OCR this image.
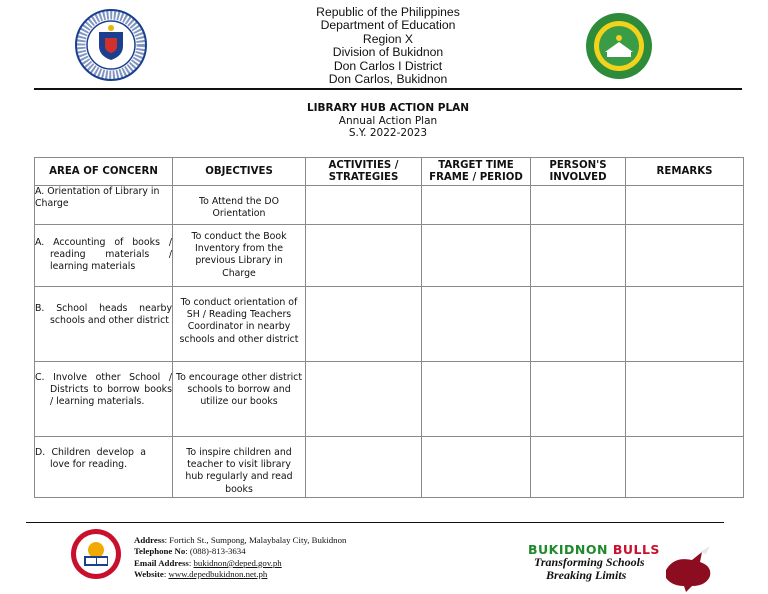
Republic of the Philippines
Department of Education
Region X
Division of Bukidnon
Don Carlos I District
Don Carlos, Bukidnon
LIBRARY HUB ACTION PLAN
Annual Action Plan
S.Y. 2022-2023
AREA OF CONCERN	OBJECTIVES	ACTIVITIES / STRATEGIES	TARGET TIME FRAME / PERIOD	PERSON'S INVOLVED	REMARKS

A. Orientation of Library in Charge	To Attend the DO Orientation				

A. Accounting of books / reading materials / learning materials	To conduct the Book Inventory from the previous Library in Charge				

B. School heads nearby schools and other district	To conduct orientation of SH / Reading Teachers Coordinator in nearby schools and other district				

C. Involve other School / Districts to borrow books / learning materials.	To encourage other district schools to borrow and utilize our books				

D. Children develop a love for reading.	To inspire children and teacher to visit library hub regularly and read books				

Address: Fortich St., Sumpong, Malaybalay City, Bukidnon
Telephone No: (088)-813-3634
Email Address: bukidnon@deped.gov.ph
Website: www.depedbukidnon.net.ph
BUKIDNON BULLS
Transforming Schools
Breaking Limits
